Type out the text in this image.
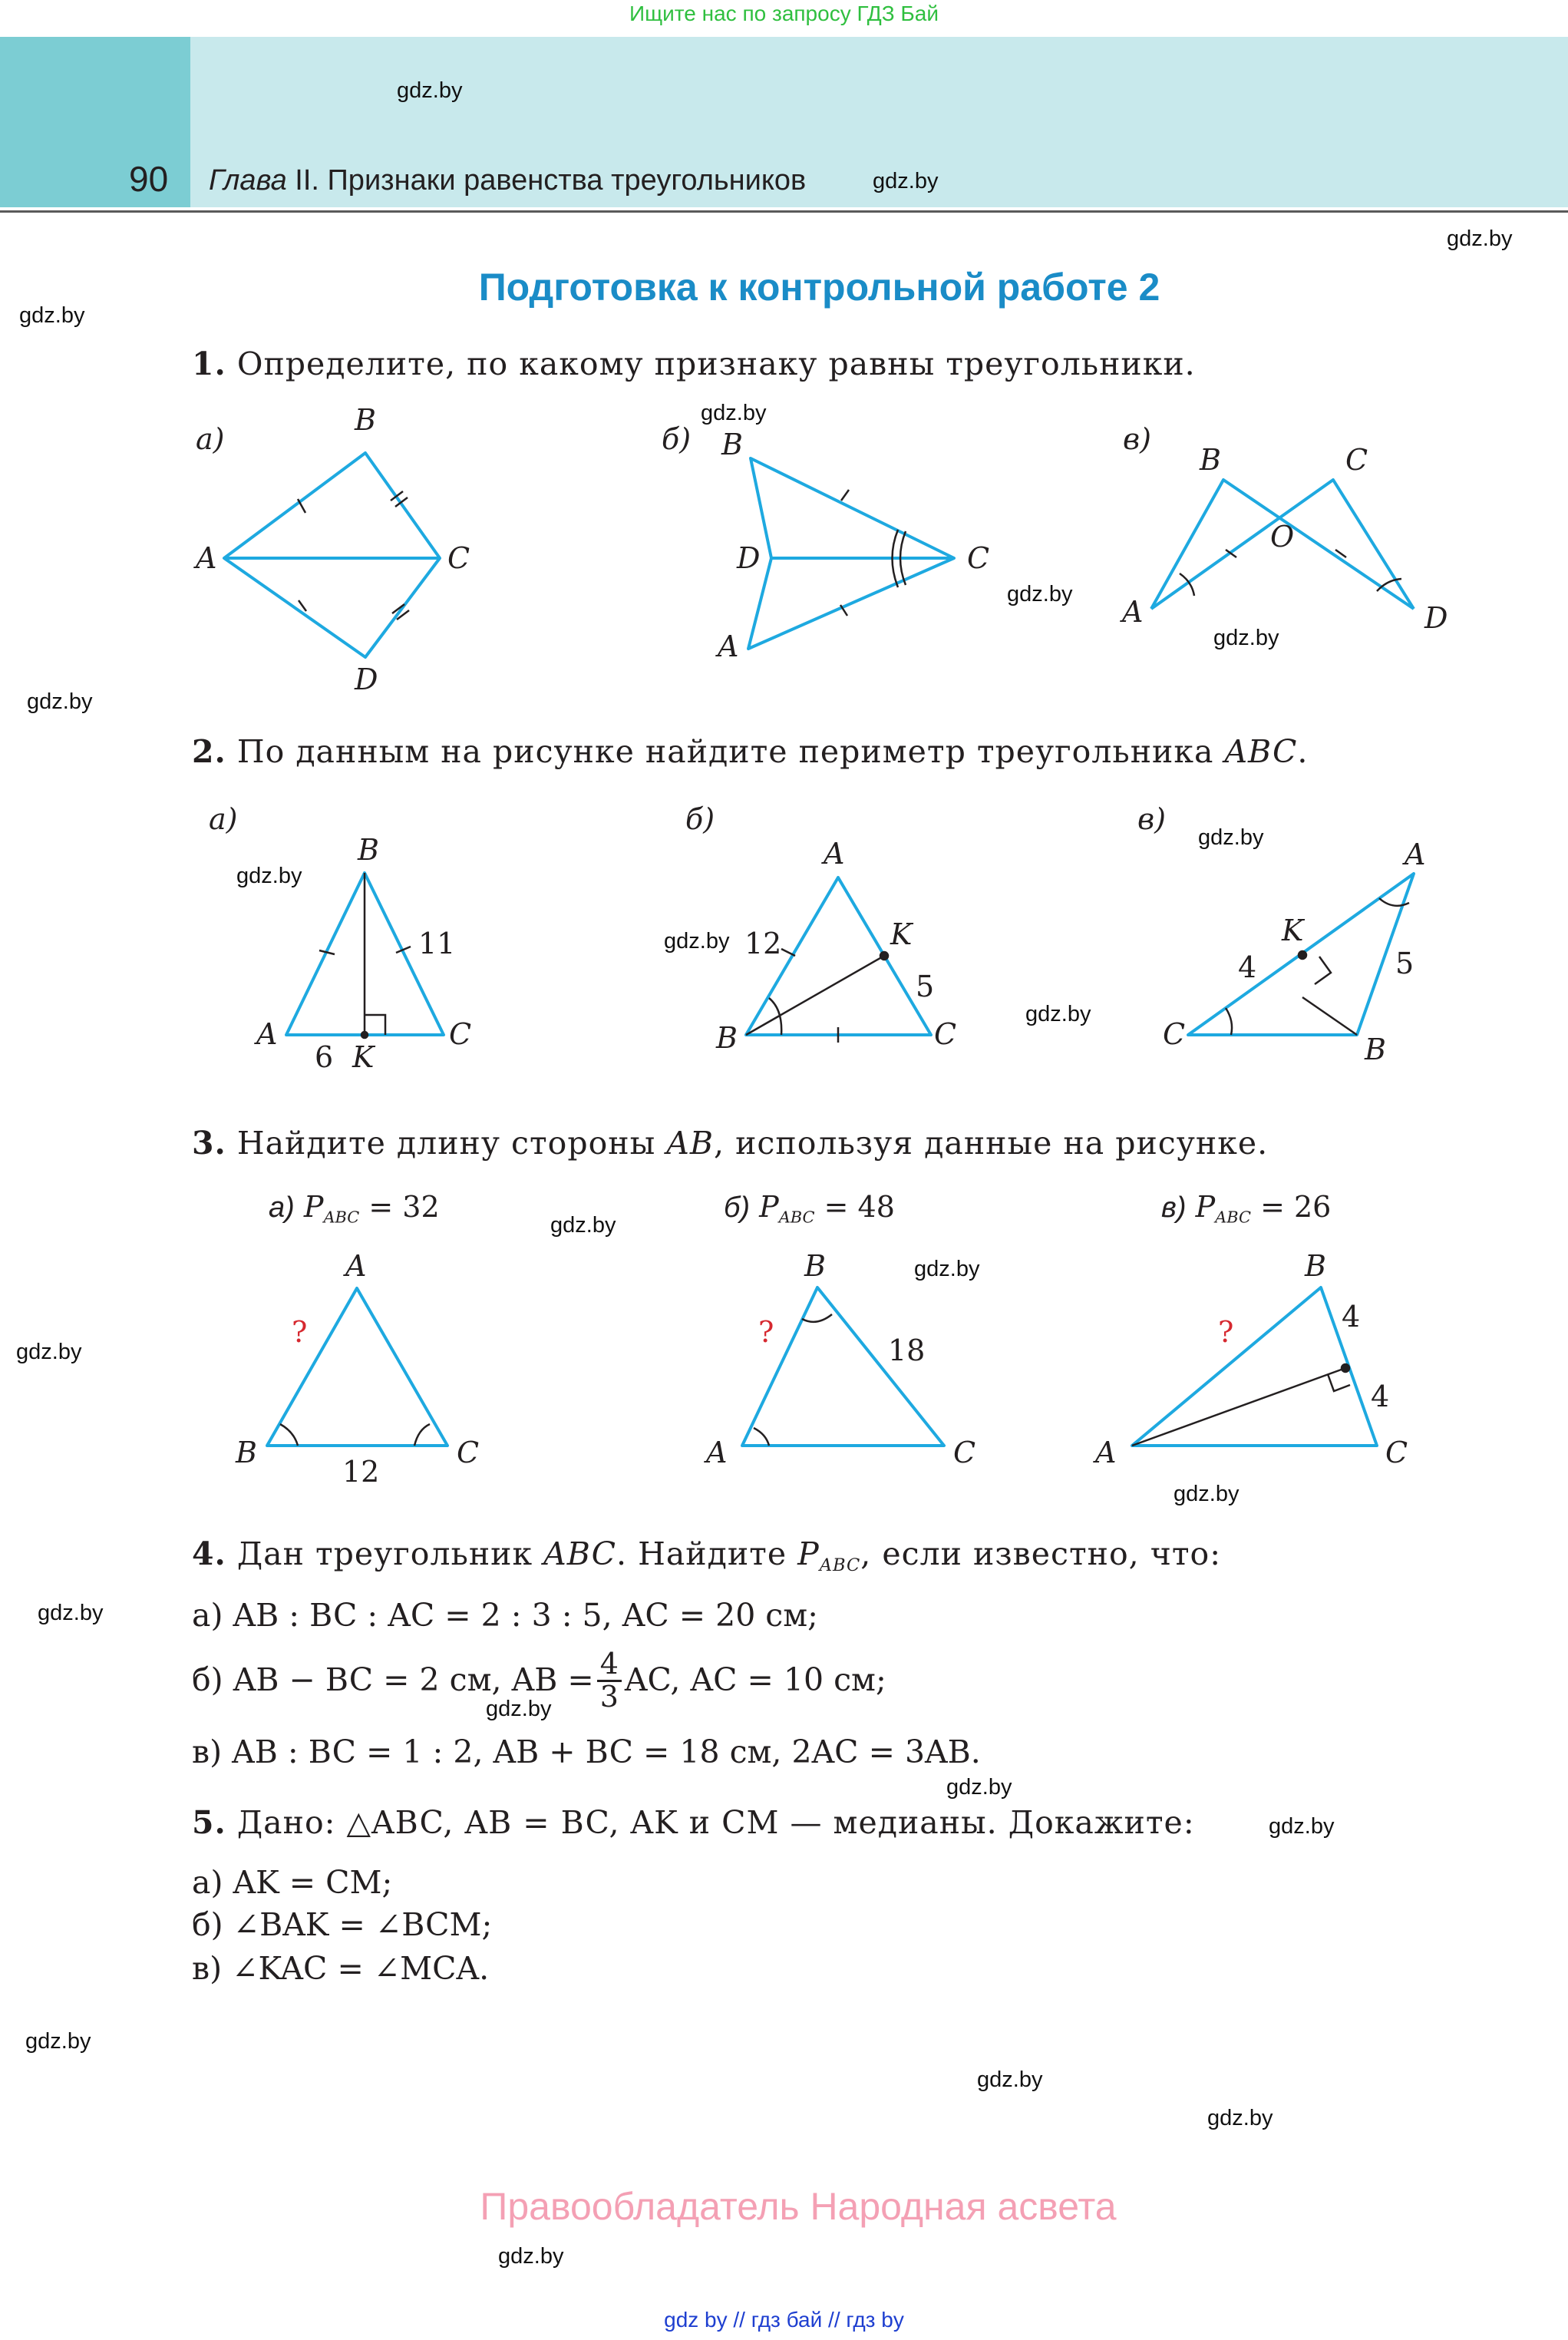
Ищите нас по запросу ГДЗ Бай
90 Глава II. Признаки равенства треугольников
Подготовка к контрольной работе 2
1. Определите, по какому признаку равны треугольники.
а)
B
A	C
D
б) B
D	C
A
в)
B	C
O
A	D
2. По данным на рисунке найдите периметр треугольника ABC.
а)
B
A	C
K
11
6
б)
A
B	C
K
12
5
в)
A
K
C	B
4	5
3. Найдите длину стороны AB, используя данные на рисунке.
а) $P_{ABC} = 32$	б) $P_{ABC} = 48$	в) $P_{ABC} = 26$
A
B	C
?
12
B
A	C
?
18
B
A	C
?	4
4
4. Дан треугольник ABC. Найдите $P_{ABC}$, если известно, что:
а) AB : BC : AC = 2 : 3 : 5, AC = 20 см;
б) AB − BC = 2 см, AB = $\frac{4}{3}$ AC, AC = 10 см;
в) AB : BC = 1 : 2, AB + BC = 18 см, 2AC = 3AB.
5. Дано: △ABC, AB = BC, AK и CM — медианы. Докажите:
а) AK = CM;
б) ∠BAK = ∠BCM;
в) ∠KAC = ∠MCA.
gdz.by
gdz.by
gdz.by
gdz.by
gdz.by
gdz.by
gdz.by
gdz.by
gdz.by
gdz.by
gdz.by
gdz.by
gdz.by
gdz.by
gdz.by
gdz.by
gdz.by
gdz.by
gdz.by
gdz.by
gdz.by
gdz.by
gdz.by
gdz.by
Правообладатель Народная асвета
gdz by // гдз бай // гдз by
